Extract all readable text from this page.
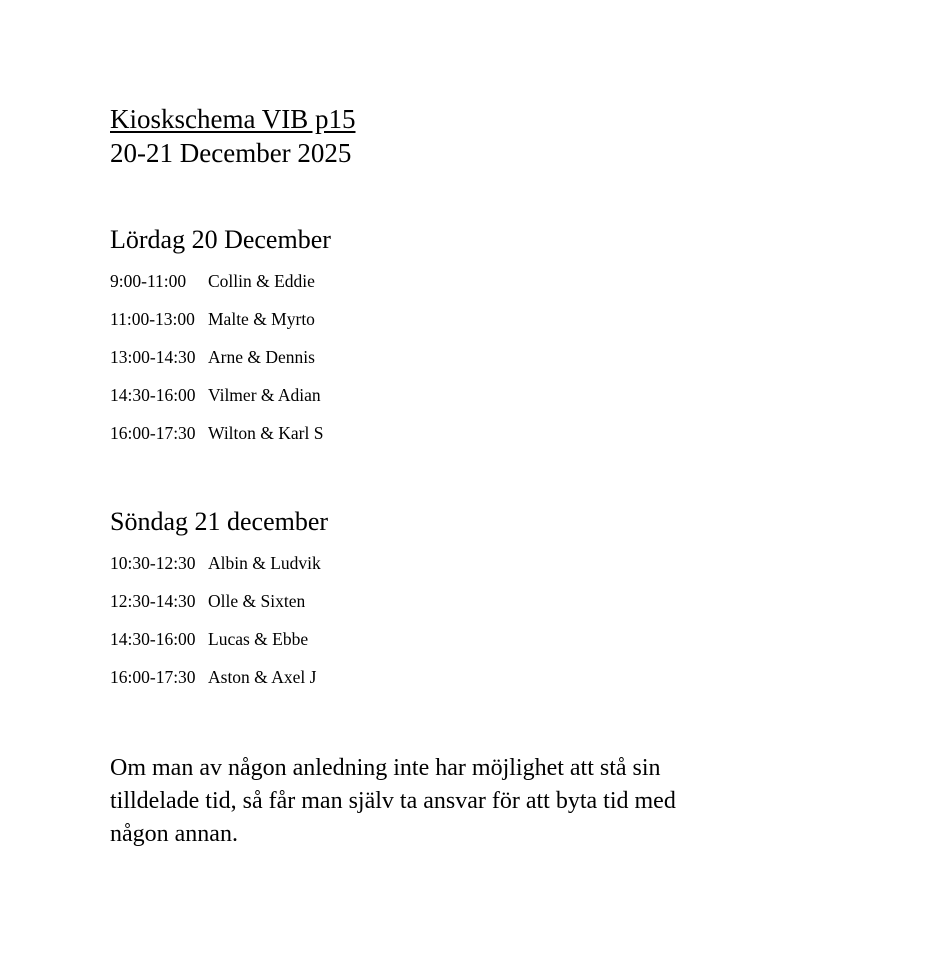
Kioskschema VIB p15
20-21 December 2025
Lördag 20 December
9:00-11:00	Collin & Eddie
11:00-13:00 Malte & Myrto
13:00-14:30 Arne & Dennis
14:30-16:00 Vilmer & Adian
16:00-17:30 Wilton & Karl S
Söndag 21 december
10:30-12:30 Albin & Ludvik
12:30-14:30 Olle & Sixten
14:30-16:00 Lucas & Ebbe
16:00-17:30 Aston & Axel J

Om man av någon anledning inte har möjlighet att stå sin
tilldelade tid, så får man själv ta ansvar för att byta tid med
någon annan.
